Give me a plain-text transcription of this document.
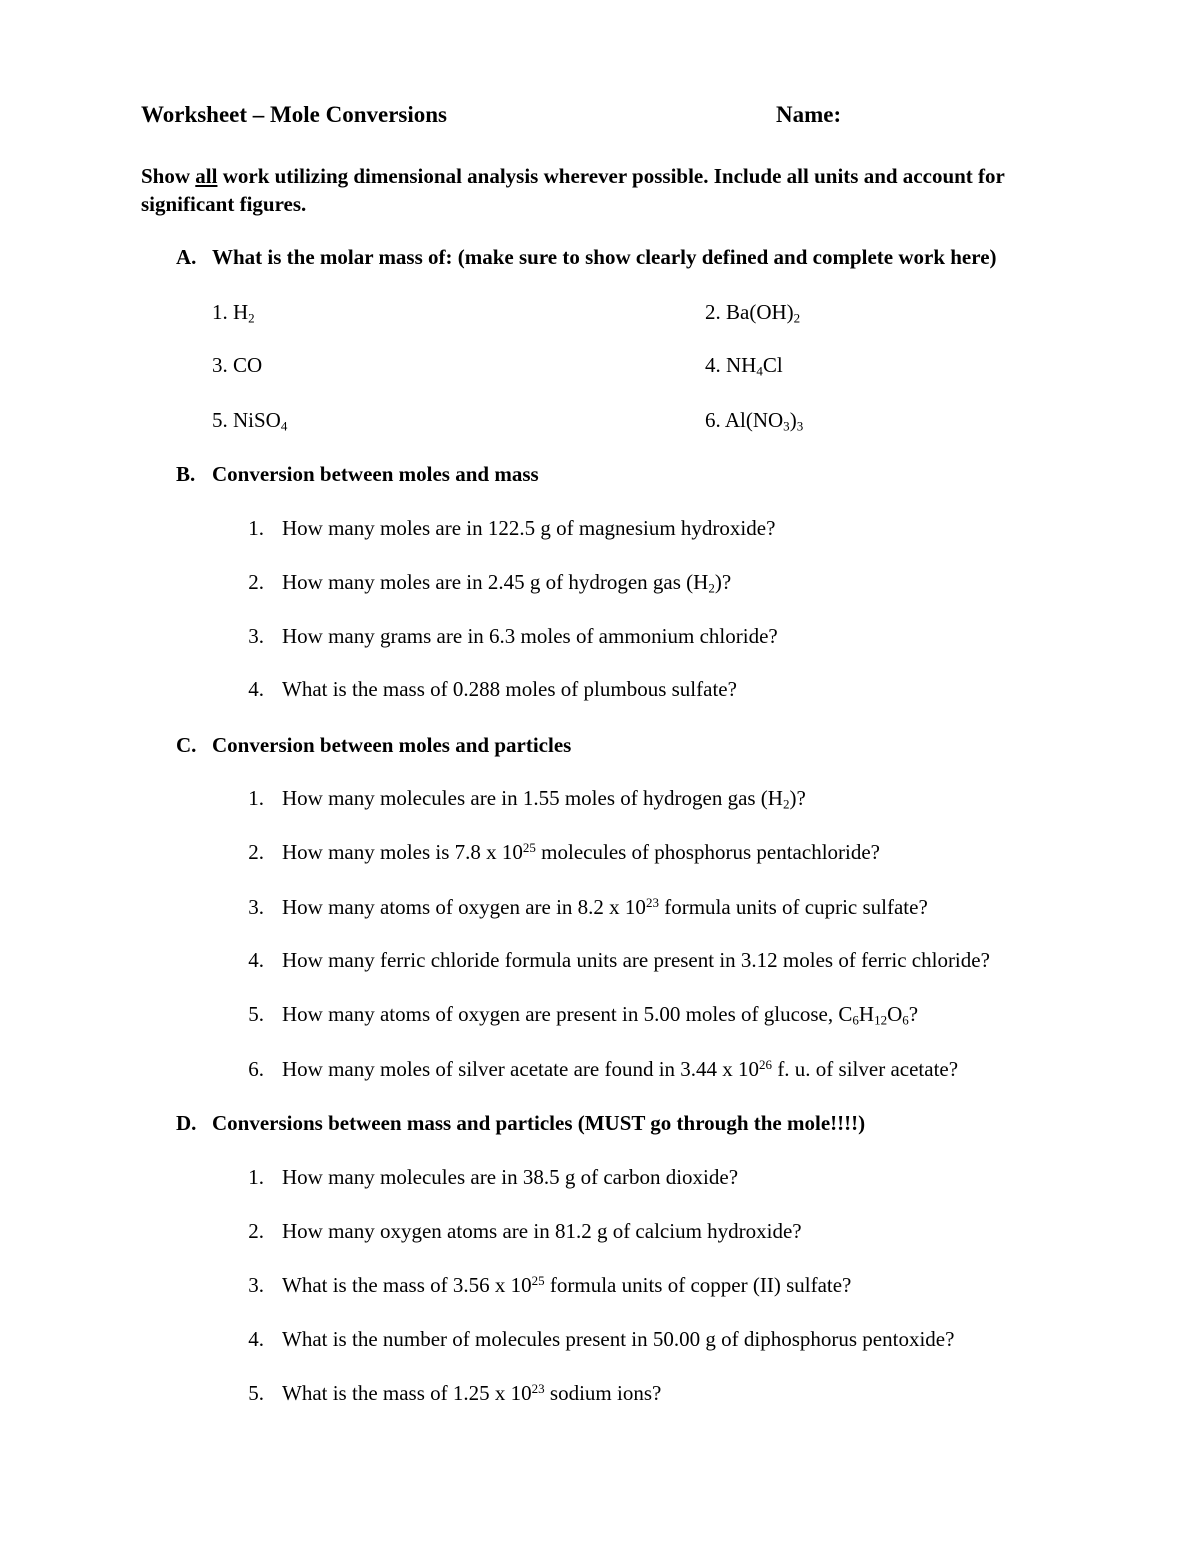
Worksheet – Mole Conversions	Name:
Show all work utilizing dimensional analysis wherever possible. Include all units and account for significant figures.
A. What is the molar mass of: (make sure to show clearly defined and complete work here)
1. $H_2$	2. $Ba(OH)_2$
3. CO	4. $NH_4Cl$
5. NiSO$_4$	6. $Al(NO_3)_3$
B. Conversion between moles and mass
1. How many moles are in 122.5 g of magnesium hydroxide?
2. How many moles are in 2.45 g of hydrogen gas $(H_2)$?
3. How many grams are in 6.3 moles of ammonium chloride?
4. What is the mass of 0.288 moles of plumbous sulfate?
C. Conversion between moles and particles
1. How many molecules are in 1.55 moles of hydrogen gas $(H_2)$?
2. How many moles is 7.8 x $10^{25}$ molecules of phosphorus pentachloride?
3. How many atoms of oxygen are in 8.2 x $10^{23}$ formula units of cupric sulfate?
4. How many ferric chloride formula units are present in 3.12 moles of ferric chloride?
5. How many atoms of oxygen are present in 5.00 moles of glucose, $C_6H_{12}O_6$?
6. How many moles of silver acetate are found in 3.44 x $10^{26}$ f. u. of silver acetate?
D. Conversions between mass and particles (MUST go through the mole!!!!)
1. How many molecules are in 38.5 g of carbon dioxide?
2. How many oxygen atoms are in 81.2 g of calcium hydroxide?
3. What is the mass of 3.56 x $10^{25}$ formula units of copper (II) sulfate?
4. What is the number of molecules present in 50.00 g of diphosphorus pentoxide?
5. What is the mass of 1.25 x $10^{23}$ sodium ions?
